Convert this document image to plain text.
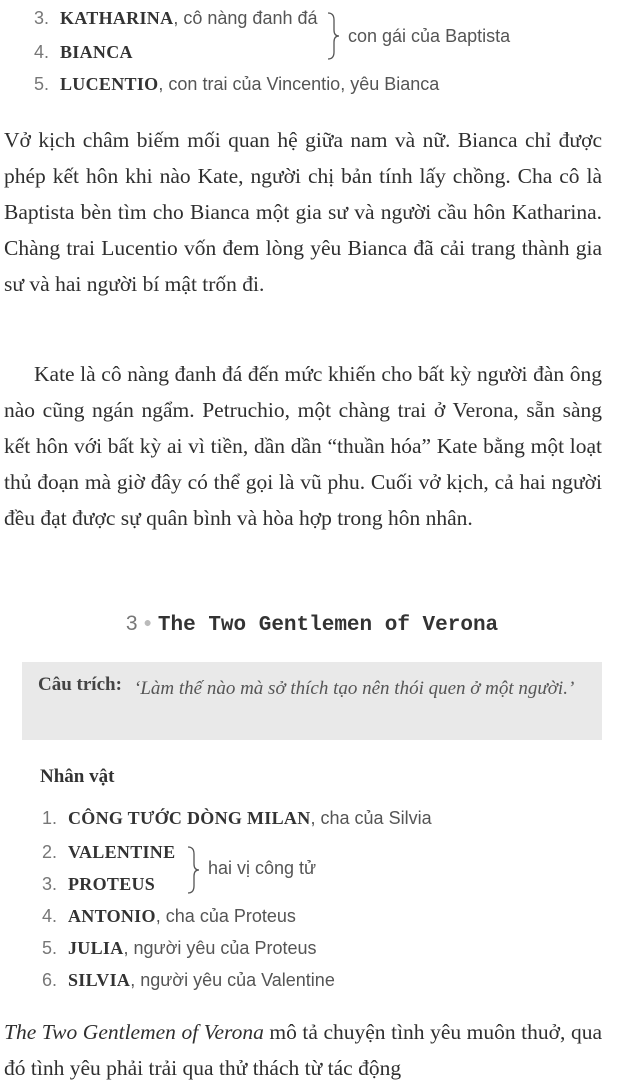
3. KATHARINA, cô nàng đanh đá
4. BIANCA
con gái của Baptista
5. LUCENTIO, con trai của Vincentio, yêu Bianca

Vở kịch châm biếm mối quan hệ giữa nam và nữ. Bianca chỉ được phép kết hôn khi nào Kate, người chị bản tính lấy chồng. Cha cô là Baptista bèn tìm cho Bianca một gia sư và người cầu hôn Katharina. Chàng trai Lucentio vốn đem lòng yêu Bianca đã cải trang thành gia sư và hai người bí mật trốn đi.

Kate là cô nàng đanh đá đến mức khiến cho bất kỳ người đàn ông nào cũng ngán ngẩm. Petruchio, một chàng trai ở Verona, sẵn sàng kết hôn với bất kỳ ai vì tiền, dần dần “thuần hóa” Kate bằng một loạt thủ đoạn mà giờ đây có thể gọi là vũ phu. Cuối vở kịch, cả hai người đều đạt được sự quân bình và hòa hợp trong hôn nhân.

3 ● The Two Gentlemen of Verona
Câu trích: ‘Làm thế nào mà sở thích tạo nên thói quen ở một người.’
Nhân vật
1. CÔNG TƯỚC DÒNG MILAN, cha của Silvia
2. VALENTINE
3. PROTEUS
hai vị công tử
4. ANTONIO, cha của Proteus
5. JULIA, người yêu của Proteus
6. SILVIA, người yêu của Valentine

The Two Gentlemen of Verona mô tả chuyện tình yêu muôn thuở, qua đó tình yêu phải trải qua thử thách từ tác động
